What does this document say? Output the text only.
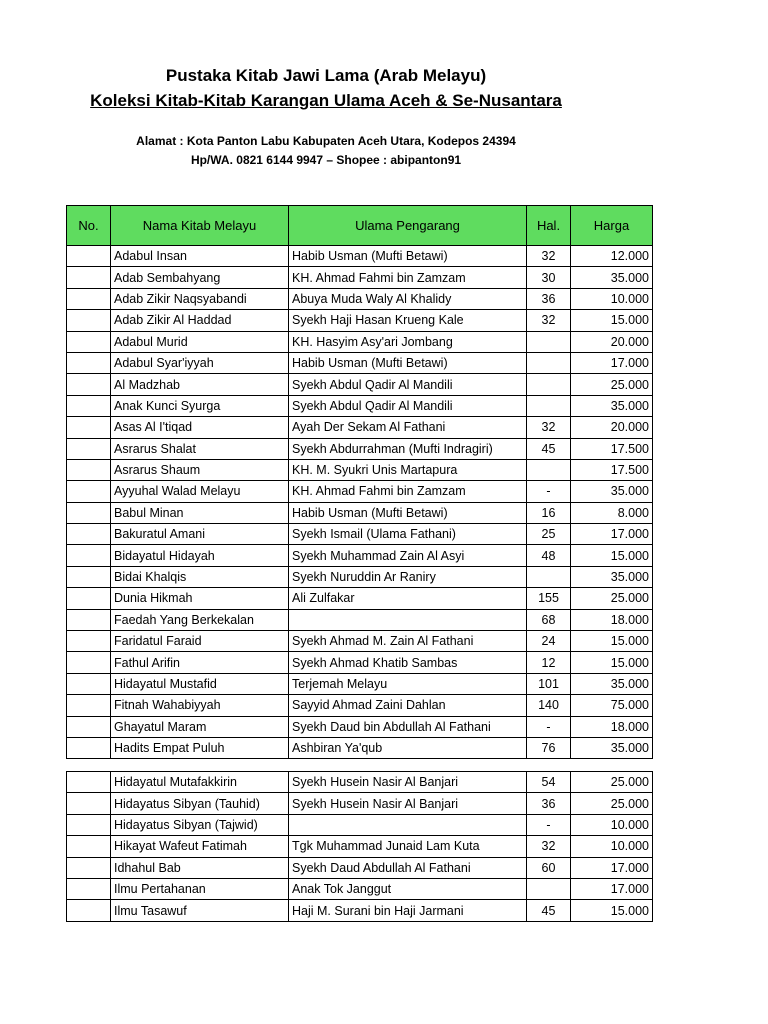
Pustaka Kitab Jawi Lama (Arab Melayu)
Koleksi Kitab-Kitab Karangan Ulama Aceh & Se-Nusantara
Alamat : Kota Panton Labu Kabupaten Aceh Utara, Kodepos 24394
Hp/WA. 0821 6144 9947 – Shopee : abipanton91
No.	Nama Kitab Melayu	Ulama Pengarang	Hal.	Harga
	Adabul Insan	Habib Usman (Mufti Betawi)	32	12.000
	Adab Sembahyang	KH. Ahmad Fahmi bin Zamzam	30	35.000
	Adab Zikir Naqsyabandi	Abuya Muda Waly Al Khalidy	36	10.000
	Adab Zikir Al Haddad	Syekh Haji Hasan Krueng Kale	32	15.000
	Adabul Murid	KH. Hasyim Asy'ari Jombang		20.000
	Adabul Syar'iyyah	Habib Usman (Mufti Betawi)		17.000
	Al Madzhab	Syekh Abdul Qadir Al Mandili		25.000
	Anak Kunci Syurga	Syekh Abdul Qadir Al Mandili		35.000
	Asas Al I'tiqad	Ayah Der Sekam Al Fathani	32	20.000
	Asrarus Shalat	Syekh Abdurrahman (Mufti Indragiri)	45	17.500
	Asrarus Shaum	KH. M. Syukri Unis Martapura		17.500
	Ayyuhal Walad Melayu	KH. Ahmad Fahmi bin Zamzam	-	35.000
	Babul Minan	Habib Usman (Mufti Betawi)	16	8.000
	Bakuratul Amani	Syekh Ismail (Ulama Fathani)	25	17.000
	Bidayatul Hidayah	Syekh Muhammad Zain Al Asyi	48	15.000
	Bidai Khalqis	Syekh Nuruddin Ar Raniry		35.000
	Dunia Hikmah	Ali Zulfakar	155	25.000
	Faedah Yang Berkekalan		68	18.000
	Faridatul Faraid	Syekh Ahmad M. Zain Al Fathani	24	15.000
	Fathul Arifin	Syekh Ahmad Khatib Sambas	12	15.000
	Hidayatul Mustafid	Terjemah Melayu	101	35.000
	Fitnah Wahabiyyah	Sayyid Ahmad Zaini Dahlan	140	75.000
	Ghayatul Maram	Syekh Daud bin Abdullah Al Fathani	-	18.000
	Hadits Empat Puluh	Ashbiran Ya'qub	76	35.000
	Hidayatul Mutafakkirin	Syekh Husein Nasir Al Banjari	54	25.000
	Hidayatus Sibyan (Tauhid)	Syekh Husein Nasir Al Banjari	36	25.000
	Hidayatus Sibyan (Tajwid)		-	10.000
	Hikayat Wafeut Fatimah	Tgk Muhammad Junaid Lam Kuta	32	10.000
	Idhahul Bab	Syekh Daud Abdullah Al Fathani	60	17.000
	Ilmu Pertahanan	Anak Tok Janggut		17.000
	Ilmu Tasawuf	Haji M. Surani bin Haji Jarmani	45	15.000
